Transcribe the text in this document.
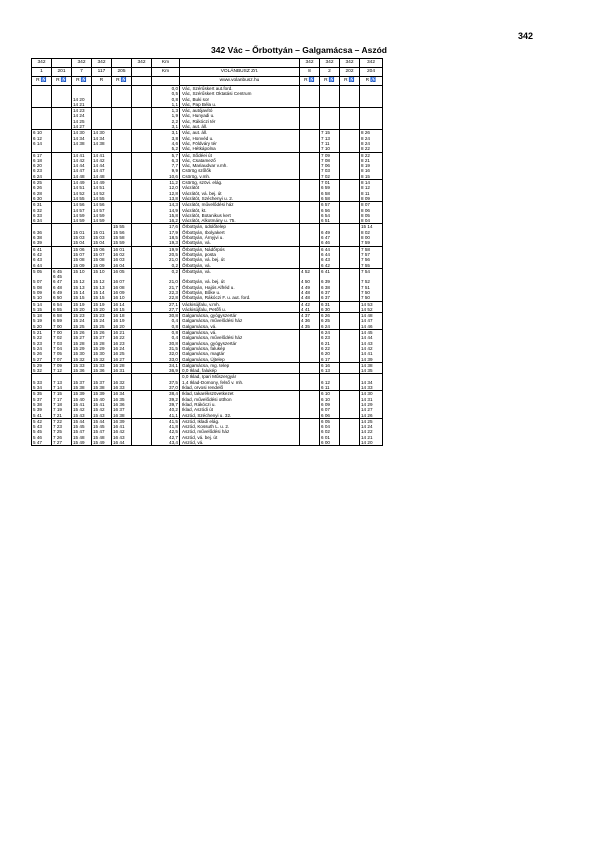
342
342 Vác – Őrbottyán – Galgamácsa – Aszód
342		342	342		342	Km		342	342	342	342
1	201	7	117	205		Km	VOLÁNBUSZ Zrt.	8	2	202	204
R ♿	R ♿	R ♿	R	R ♿			www.volanbusz.hu	R ♿	R ♿	R ♿	R ♿
						0,0	Vác, Szérűskert aut.ford.				
						0,5	Vác, Szérűskert Oktatási Centrum				
		14 20				0,8	Vác, Buki sor				
		14 21				1,1	Vác, Pap Béla u.				
		14 23				1,3	Vác, autójavító				
		14 24				1,9	Vác, Hunyadi u.				
		14 25				2,2	Vác, Rákóczi tér				
		14 27				3,1	Vác, aut. áll.				
6 10		14 30	14 30			3,1	Vác, aut. áll.		7 15		8 26
6 12		14 34	14 34			3,8	Vác, Honvéd u.		7 13		8 24
6 14		14 38	14 38			4,6	Vác, Földváry tér		7 11		8 24
						5,2	Vác, Hétkápolna		7 10		8 22
6 17		14 41	14 41			5,7	Vác, Sődéei út		7 09		8 22
6 18		14 42	14 42			6,3	Vác, Csatamező		7 08		8 21
6 20		14 44	14 44			7,7	Vác, Mariaudvar v.mh.		7 06		8 19
6 23		14 47	14 47			9,9	Csörög szőlők		7 03		8 16
6 24		14 48	14 48			10,6	Csörög, v.mh.		7 02		8 15
6 25		14 49	14 49			11,2	Csörög, szövi. elág.		7 01		8 14
6 26		14 51	14 51			12,0	Vácrátót		6 59		8 12
6 28		14 52	14 52			12,8	Vácrátót, vá. bej. út		6 58		8 11
6 30		14 55	14 55			13,8	Vácrátót, Széchenyi u. 2.		6 58		8 09
6 31		14 56	14 56			14,3	Vácrátót, művelődési ház		6 57		8 07
6 32		14 57	14 57			14,9	Vácrátót, kt.		6 56		8 06
6 33		14 59	14 59			15,8	Vácrátót, Botanikus kert		6 54		8 05
6 34		14 59	14 59			16,2	Vácrátót, Alkotmány u. 75.		6 51		8 04
				15 55		17,6	Őrbottyán, üdülőtelep				15 14
6 36		15 01	15 01	15 56		17,9	Őrbottyán, Ibolyakert		6 49		8 02
6 38		15 03	15 03	15 58		18,5	Őrbottyán, Árnyjvi u.		6 47		8 00
6 39		15 04	15 04	15 59		19,3	Őrbottyán, vá.		6 46		7 59
6 41		15 06	15 06	16 01		19,9	Őrbottyán, Nádőrpós		6 44		7 58
6 42		15 07	15 07	16 02		20,5	Őrbottyán, posta		6 44		7 57
6 43		15 08	15 08	16 03		21,0	Őrbottyán, vá. bej. út		6 43		7 56
6 44		15 09	15 09	16 04		0,2	Őrbottyán, vá.		6 42		7 55
5 05	6 45	15 10	15 10	16 05		0,2	Őrbottyán, vá.	4 52	6 41		7 54
	6 45										
5 07	6 47	15 12	15 12	16 07		21,0	Őrbottyán, vá. bej. út	4 50	6 39		7 52
5 08	6 48	15 13	15 13	16 08		21,7	Őrbottyán, Hajós Alfréd u.	4 49	6 38		7 51
5 09	6 49	15 14	15 14	16 09		22,3	Őrbottyán, Bőke u.	4 48	6 37		7 50
5 10	6 50	15 15	15 15	16 10		22,8	Őrbottyán, Rákóczi F. u. aut. ford.	4 48	6 37		7 50
5 14	6 54	15 19	15 19	16 14		27,1	Váckisújfalu, v.mh.	4 42	6 31		14 53
5 15	6 55	15 20	15 20	16 15		27,7	Váckisújfalu, Petőfi u.	4 41	6 30		14 52
5 18	6 58	15 23	15 23	16 18		30,8	Galgamácsa, gyógyszertár	4 37	6 26		14 48
5 19	6 59	15 24	15 24	16 19		0,4	Galgamácsa, művelődési ház	4 36	6 25		14 47
5 20	7 00	15 25	15 25	16 20		0,8	Galgamácsa, vá.	4 35	6 24		14 46
5 21	7 00	15 26	15 26	16 21		0,8	Galgamácsa, vá.		6 24		14 45
5 22	7 02	15 27	15 27	16 22		0,4	Galgamácsa, művelődési ház		6 23		14 44
5 23	7 03	15 28	15 28	16 23		30,8	Galgamácsa, gyógyszertár		6 21		14 43
5 24	7 04	15 29	15 29	16 24		31,5	Galgamácsa, falukép		6 22		14 42
5 26	7 05	15 30	15 30	16 25		32,0	Galgamácsa, magtár		6 20		14 41
5 27	7 07	15 32	15 32	16 27		33,0	Galgamácsa, Újtelep		6 17		14 39
5 29	7 09	15 33	15 33	16 28		34,1	Galgamácsa, mg. telep		6 16		14 38
5 32	7 12	15 36	15 36	16 31		36,9	0,0 Iklad, falukép		6 13		14 35
							0,0 Iklad, Ipari Műszergyár				
5 33	7 13	15 37	15 37	16 32		37,5	1,4 Iklad-Domony, felső v. mh.		6 12		14 34
5 34	7 14	15 38	15 38	16 33		37,0	Iklad, orvosi rendelő		6 11		14 33
5 35	7 15	15 39	15 39	16 34		38,4	Iklad, takarékszövetkezet		6 10		14 30
5 37	7 17	15 40	15 40	16 35		39,2	Iklad, művelődési otthon		6 10		14 31
5 38	7 18	15 41	15 41	16 36		39,7	Iklad, Rákóczi u.		6 09		14 29
5 39	7 19	15 42	15 42	16 37		40,2	Iklad, Aszódi út		6 07		14 27
5 41	7 21	15 43	15 43	16 38		41,1	Aszód, Széchenyi u. 32.		6 06		14 26
5 42	7 22	15 44	15 44	16 39		41,5	Aszód, Ikladi elág.		6 05		14 25
5 43	7 23	15 45	15 45	16 41		41,8	Aszód, Kossuth L. u. 2.		6 04		14 24
5 45	7 25	15 47	15 47	16 42		42,5	Aszód, művelődési ház		6 02		14 22
5 46	7 26	15 48	15 48	16 43		42,7	Aszód, vá. bej. út		6 01		14 21
5 47	7 27	15 49	15 49	16 44		43,4	Aszód, vá.		6 00		14 20
